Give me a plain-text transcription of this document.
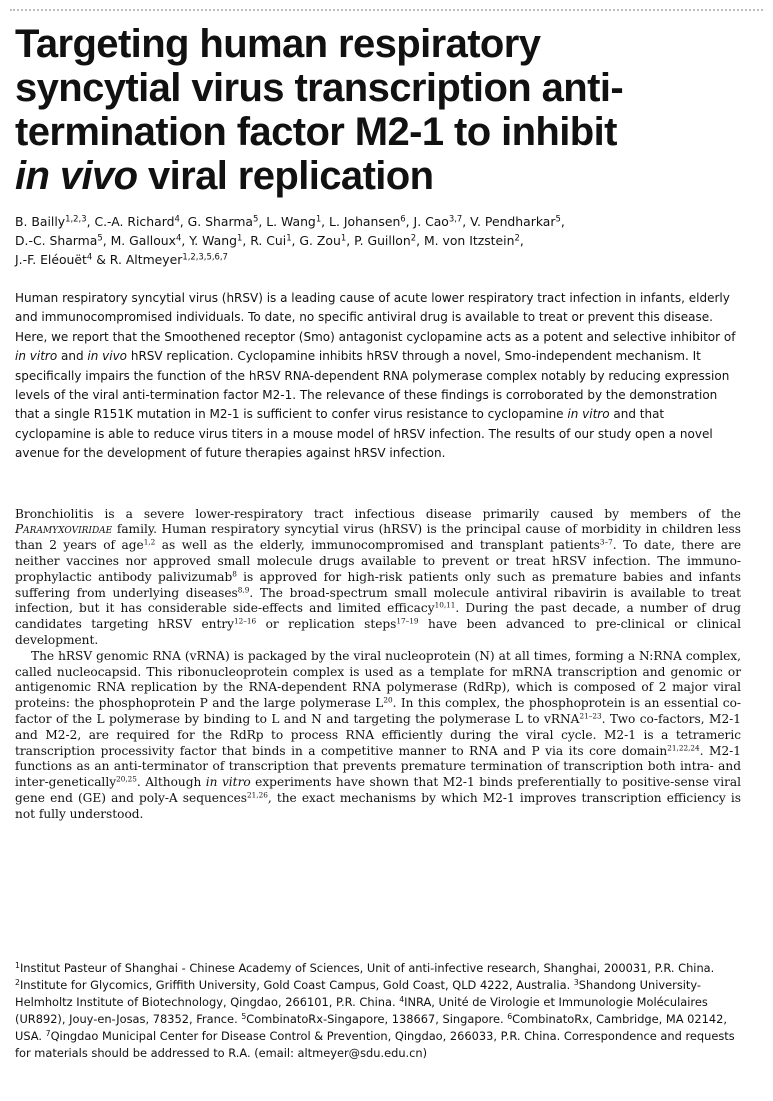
Targeting human respiratory
syncytial virus transcription anti-
termination factor M2-1 to inhibit
in vivo viral replication
B. Bailly$^{1,2,3}$, C.-A. Richard$^4$, G. Sharma$^5$, L. Wang$^1$, L. Johansen$^6$, J. Cao$^{3,7}$, V. Pendharkar$^5$,
D.-C. Sharma$^5$, M. Galloux$^4$, Y. Wang$^1$, R. Cui$^1$, G. Zou$^1$, P. Guillon$^2$, M. von Itzstein$^2$,
J.-F. Eléouët$^4$ & R. Altmeyer$^{1,2,3,5,6,7}$

Human respiratory syncytial virus (hRSV) is a leading cause of acute lower respiratory tract infection in infants, elderly and immunocompromised individuals. To date, no specific antiviral drug is available to treat or prevent this disease. Here, we report that the Smoothened receptor (Smo) antagonist cyclopamine acts as a potent and selective inhibitor of in vitro and in vivo hRSV replication. Cyclopamine inhibits hRSV through a novel, Smo-independent mechanism. It specifically impairs the function of the hRSV RNA-dependent RNA polymerase complex notably by reducing expression levels of the viral anti-termination factor M2-1. The relevance of these findings is corroborated by the demonstration that a single R151K mutation in M2-1 is sufficient to confer virus resistance to cyclopamine in vitro and that cyclopamine is able to reduce virus titers in a mouse model of hRSV infection. The results of our study open a novel avenue for the development of future therapies against hRSV infection.

Bronchiolitis is a severe lower-respiratory tract infectious disease primarily caused by members of the Paramyxoviridae family. Human respiratory syncytial virus (hRSV) is the principal cause of morbidity in children less than 2 years of age$^{1,2}$ as well as the elderly, immunocompromised and transplant patients$^{3-7}$. To date, there are neither vaccines nor approved small molecule drugs available to prevent or treat hRSV infection. The immuno-prophylactic antibody palivizumab$^8$ is approved for high-risk patients only such as premature babies and infants suffering from underlying diseases$^{8,9}$. The broad-spectrum small molecule antiviral ribavirin is available to treat infection, but it has considerable side-effects and limited efficacy$^{10,11}$. During the past decade, a number of drug candidates targeting hRSV entry$^{12-16}$ or replication steps$^{17-19}$ have been advanced to pre-clinical or clinical development.

The hRSV genomic RNA (vRNA) is packaged by the viral nucleoprotein (N) at all times, forming a N:RNA complex, called nucleocapsid. This ribonucleoprotein complex is used as a template for mRNA transcription and genomic or antigenomic RNA replication by the RNA-dependent RNA polymerase (RdRp), which is composed of 2 major viral proteins: the phosphoprotein P and the large polymerase L$^{20}$. In this complex, the phosphoprotein is an essential co-factor of the L polymerase by binding to L and N and targeting the polymerase L to vRNA$^{21-23}$. Two co-factors, M2-1 and M2-2, are required for the RdRp to process RNA efficiently during the viral cycle. M2-1 is a tetrameric transcription processivity factor that binds in a competitive manner to RNA and P via its core domain$^{21,22,24}$. M2-1 functions as an anti-terminator of transcription that prevents premature termination of transcription both intra- and inter-genetically$^{20,25}$. Although in vitro experiments have shown that M2-1 binds preferentially to positive-sense viral gene end (GE) and poly-A sequences$^{21,26}$, the exact mechanisms by which M2-1 improves transcription efficiency is not fully understood.

$^1$Institut Pasteur of Shanghai - Chinese Academy of Sciences, Unit of anti-infective research, Shanghai, 200031, P.R. China. $^2$Institute for Glycomics, Griffith University, Gold Coast Campus, Gold Coast, QLD 4222, Australia. $^3$Shandong University-Helmholtz Institute of Biotechnology, Qingdao, 266101, P.R. China. $^4$INRA, Unité de Virologie et Immunologie Moléculaires (UR892), Jouy-en-Josas, 78352, France. $^5$CombinatoRx-Singapore, 138667, Singapore. $^6$CombinatoRx, Cambridge, MA 02142, USA. $^7$Qingdao Municipal Center for Disease Control & Prevention, Qingdao, 266033, P.R. China. Correspondence and requests for materials should be addressed to R.A. (email: altmeyer@sdu.edu.cn)
